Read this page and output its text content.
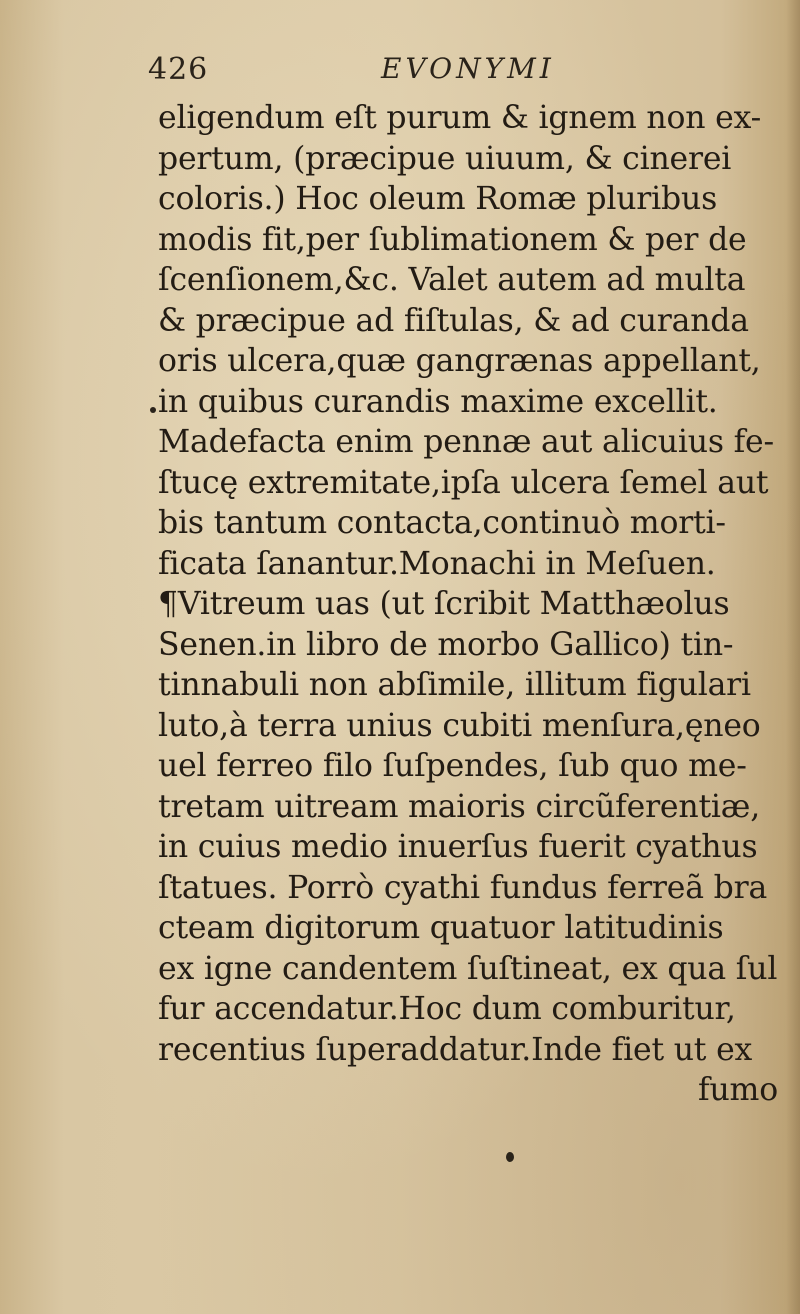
426	EVONYMI
eligendum eſt purum & ignem non ex-
pertum, (præcipue uiuum, & cinerei
coloris.) Hoc oleum Romæ pluribus
modis fit,per ſublimationem & per de
ſcenſionem,&c. Valet autem ad multa
& præcipue ad fiſtulas, & ad curanda
oris ulcera,quæ gangrænas appellant,
in quibus curandis maxime excellit.
Madefacta enim pennæ aut alicuius fe-
ſtucę extremitate,ipſa ulcera ſemel aut
bis tantum contacta,continuò morti-
ficata ſanantur.Monachi in Meſuen.
¶Vitreum uas (ut ſcribit Matthæolus
Senen.in libro de morbo Gallico) tin-
tinnabuli non abſimile, illitum figulari
luto,à terra unius cubiti menſura,ęneo
uel ferreo filo ſuſpendes, ſub quo me-
tretam uitream maioris circũferentiæ,
in cuius medio inuerſus fuerit cyathus
ſtatues. Porrò cyathi fundus ferreã bra
cteam digitorum quatuor latitudinis
ex igne candentem ſuſtineat, ex qua ſul
fur accendatur.Hoc dum comburitur,
recentius ſuperaddatur.Inde fiet ut ex
fumo
